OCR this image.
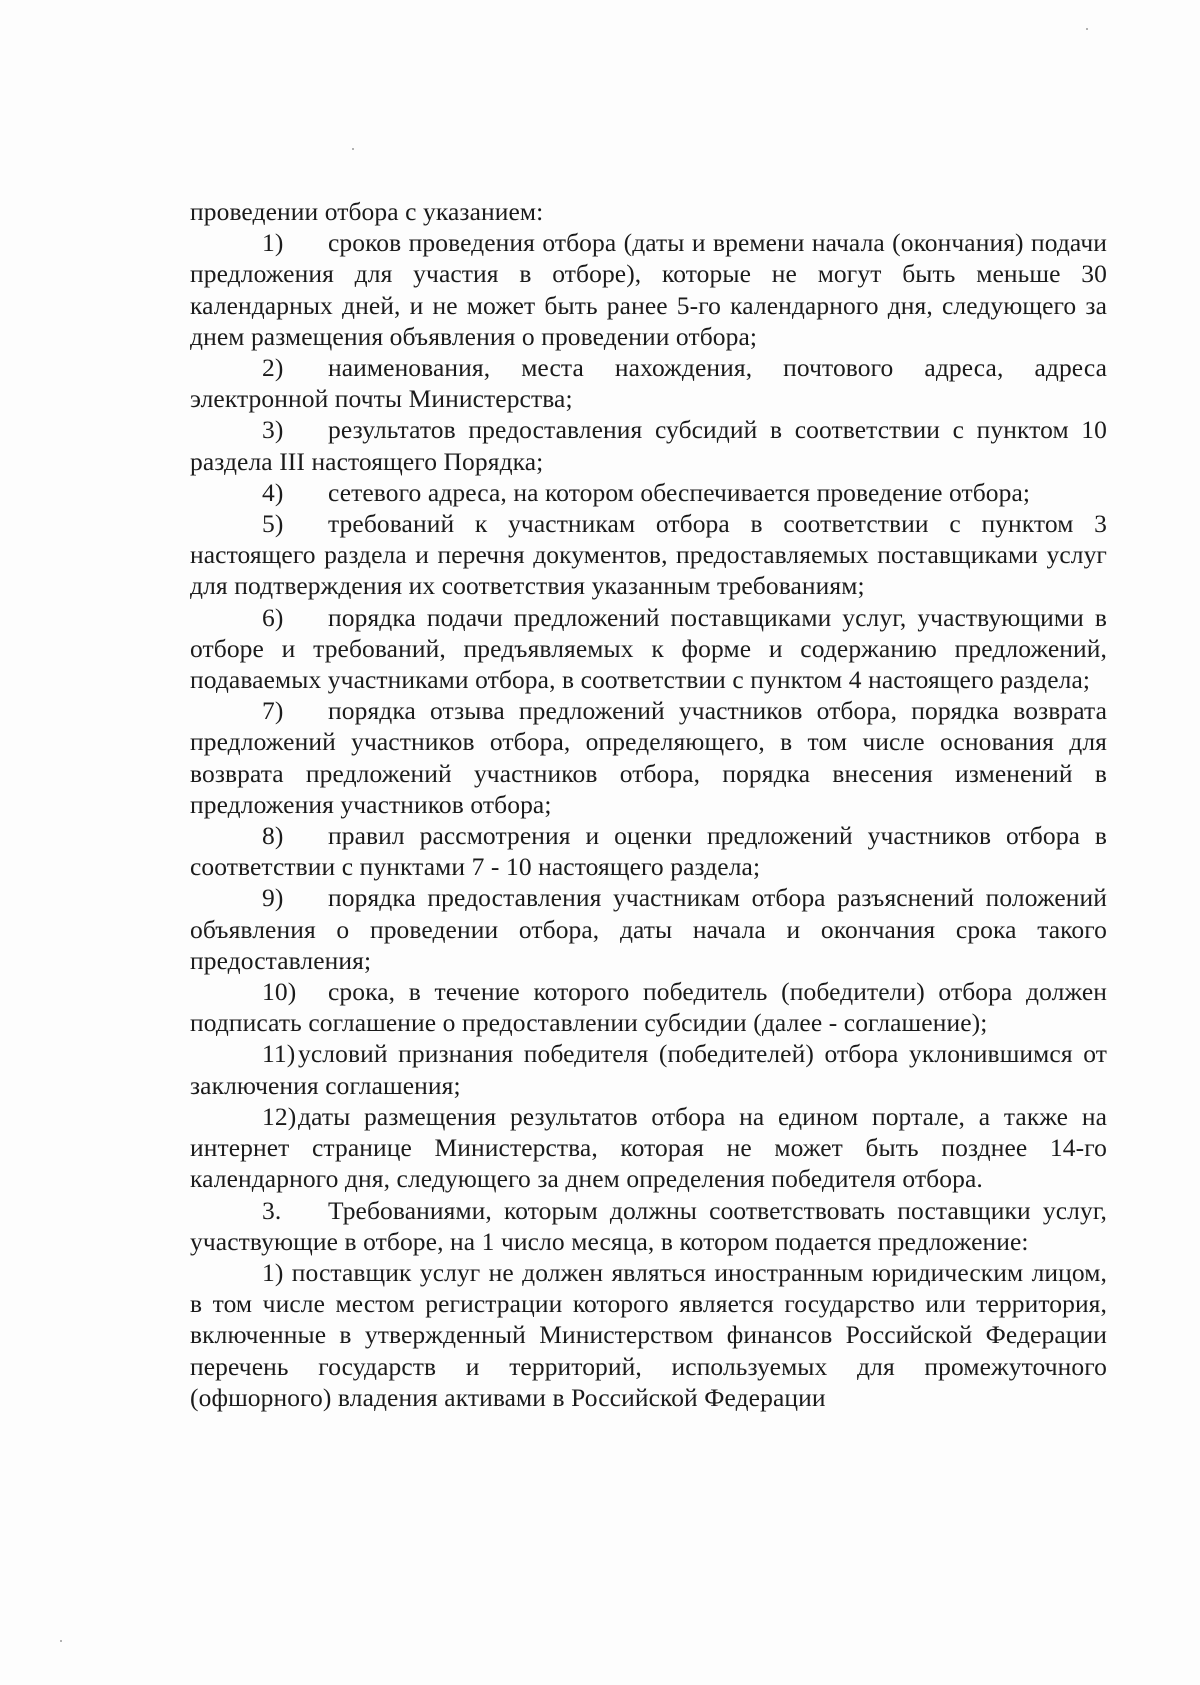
проведении отбора с указанием:

1) сроков проведения отбора (даты и времени начала (окончания) подачи предложения для участия в отборе), которые не могут быть меньше 30 календарных дней, и не может быть ранее 5-го календарного дня, следующего за днем размещения объявления о проведении отбора;

2) наименования, места нахождения, почтового адреса, адреса электронной почты Министерства;

3) результатов предоставления субсидий в соответствии с пунктом 10 раздела III настоящего Порядка;

4) сетевого адреса, на котором обеспечивается проведение отбора;

5) требований к участникам отбора в соответствии с пунктом 3 настоящего раздела и перечня документов, предоставляемых поставщиками услуг для подтверждения их соответствия указанным требованиям;

6) порядка подачи предложений поставщиками услуг, участвующими в отборе и требований, предъявляемых к форме и содержанию предложений, подаваемых участниками отбора, в соответствии с пунктом 4 настоящего раздела;

7) порядка отзыва предложений участников отбора, порядка возврата предложений участников отбора, определяющего, в том числе основания для возврата предложений участников отбора, порядка внесения изменений в предложения участников отбора;

8) правил рассмотрения и оценки предложений участников отбора в соответствии с пунктами 7 - 10 настоящего раздела;

9) порядка предоставления участникам отбора разъяснений положений объявления о проведении отбора, даты начала и окончания срока такого предоставления;

10) срока, в течение которого победитель (победители) отбора должен подписать соглашение о предоставлении субсидии (далее - соглашение);

11) условий признания победителя (победителей) отбора уклонившимся от заключения соглашения;

12)даты размещения результатов отбора на едином портале, а также на интернет странице Министерства, которая не может быть позднее 14-го календарного дня, следующего за днем определения победителя отбора.

3. Требованиями, которым должны соответствовать поставщики услуг, участвующие в отборе, на 1 число месяца, в котором подается предложение:

1) поставщик услуг не должен являться иностранным юридическим лицом, в том числе местом регистрации которого является государство или территория, включенные в утвержденный Министерством финансов Российской Федерации перечень государств и территорий, используемых для промежуточного (офшорного) владения активами в Российской Федерации
